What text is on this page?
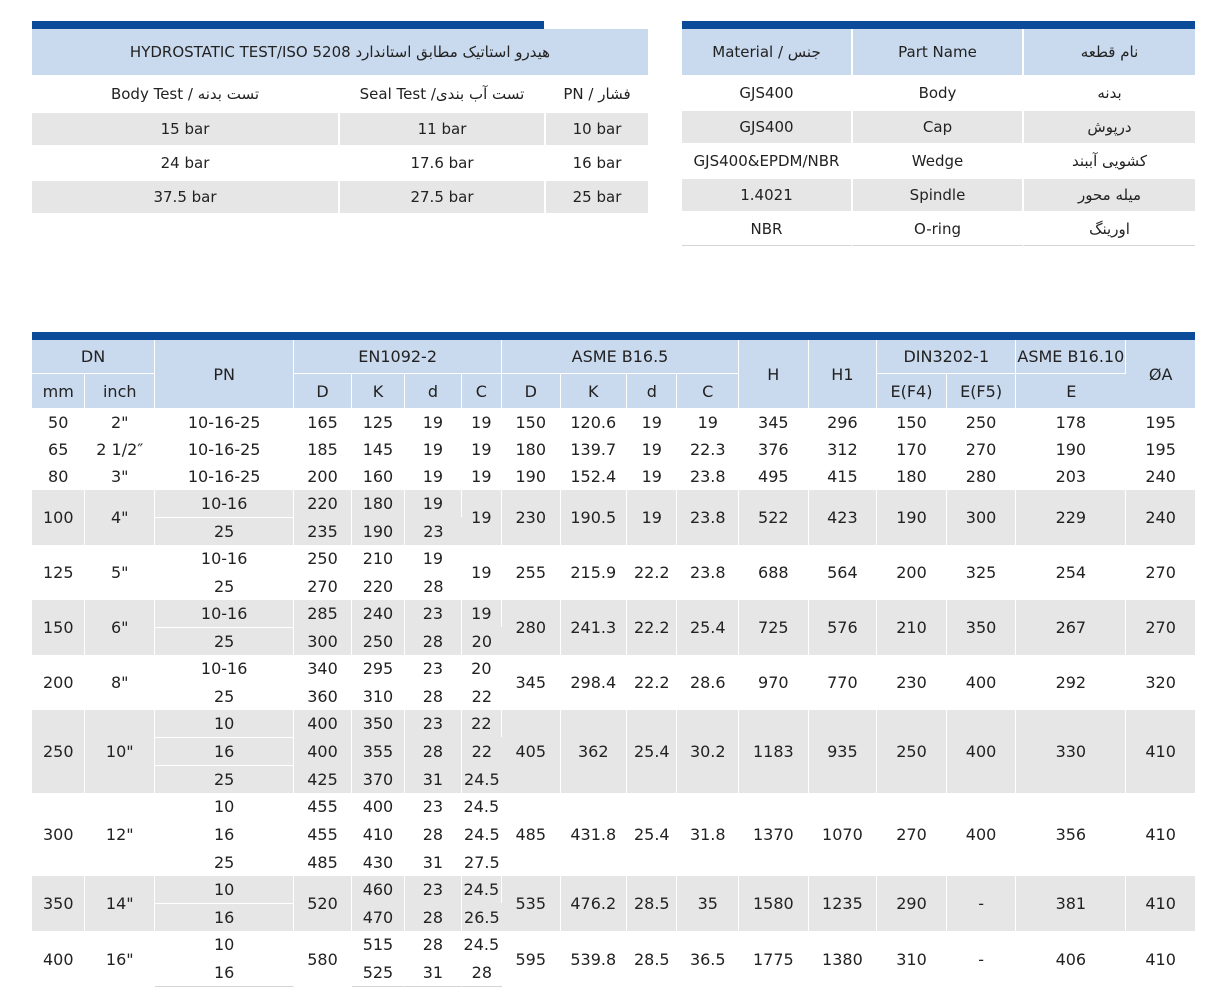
هیدرو استاتیک مطابق استاندارد HYDROSTATIC TEST/ISO 5208		
Body Test / تست بدنه	Seal Test /تست آب بندی	PN / فشار
15 bar	11 bar	10 bar
24 bar	17.6 bar	16 bar
37.5 bar	27.5 bar	25 bar
Material / جنس	Part Name	نام قطعه
GJS400	Body	بدنه
GJS400	Cap	درپوش
GJS400&EPDM/NBR	Wedge	کشویی آببند
1.4021	Spindle	میله محور
NBR	O-ring	اورینگ
DN		PN	EN1092-2				ASME B16.5				H	H1	DIN3202-1		ASME B16.10	ØA
mm	inch		D	K	d	C	D	K	d	C			E(F4)	E(F5)	E	
50	2"	10-16-25	165	125	19	19	150	120.6	19	19	345	296	150	250	178	195
65	2 1/2″	10-16-25	185	145	19	19	180	139.7	19	22.3	376	312	170	270	190	195
80	3"	10-16-25	200	160	19	19	190	152.4	19	23.8	495	415	180	280	203	240
100	4"	10-16	220	180	19	19	230	190.5	19	23.8	522	423	190	300	229	240
		25	235	190	23											
125	5"	10-16	250	210	19	19	255	215.9	22.2	23.8	688	564	200	325	254	270
		25	270	220	28											
150	6"	10-16	285	240	23	19	280	241.3	22.2	25.4	725	576	210	350	267	270
		25	300	250	28	20										
200	8"	10-16	340	295	23	20	345	298.4	22.2	28.6	970	770	230	400	292	320
		25	360	310	28	22										
250	10"	10	400	350	23	22	405	362	25.4	30.2	1183	935	250	400	330	410
		16	400	355	28	22										
		25	425	370	31	24.5										
300	12"	10	455	400	23	24.5	485	431.8	25.4	31.8	1370	1070	270	400	356	410
		16	455	410	28	24.5										
		25	485	430	31	27.5										
350	14"	10	520	460	23	24.5	535	476.2	28.5	35	1580	1235	290	-	381	410
		16		470	28	26.5										
400	16"	10	580	515	28	24.5	595	539.8	28.5	36.5	1775	1380	310	-	406	410
		16		525	31	28										
